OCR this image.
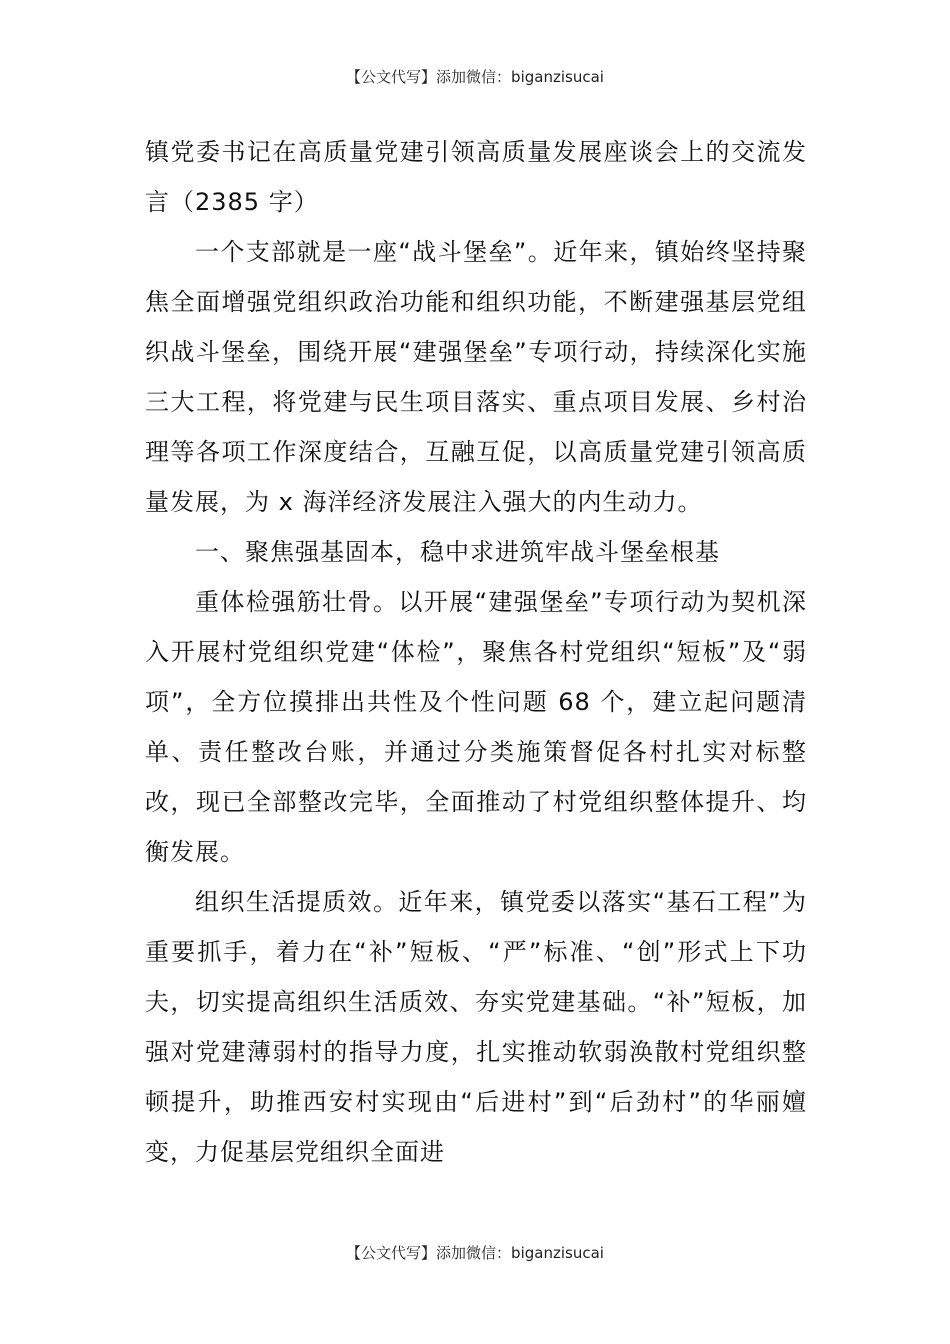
【公文代写】添加微信：biganzisucai

镇党委书记在高质量党建引领高质量发展座谈会上的交流发言（2385 字）

一个支部就是一座“战斗堡垒”。近年来，镇始终坚持聚焦全面增强党组织政治功能和组织功能，不断建强基层党组织战斗堡垒，围绕开展“建强堡垒”专项行动，持续深化实施三大工程，将党建与民生项目落实、重点项目发展、乡村治理等各项工作深度结合，互融互促，以高质量党建引领高质量发展，为 x 海洋经济发展注入强大的内生动力。

一、聚焦强基固本，稳中求进筑牢战斗堡垒根基

重体检强筋壮骨。以开展“建强堡垒”专项行动为契机深入开展村党组织党建“体检”，聚焦各村党组织“短板”及“弱项”，全方位摸排出共性及个性问题 68 个，建立起问题清单、责任整改台账，并通过分类施策督促各村扎实对标整改，现已全部整改完毕，全面推动了村党组织整体提升、均衡发展。

组织生活提质效。近年来，镇党委以落实“基石工程”为重要抓手，着力在“补”短板、“严”标准、“创”形式上下功夫，切实提高组织生活质效、夯实党建基础。“补”短板，加强对党建薄弱村的指导力度，扎实推动软弱涣散村党组织整顿提升，助推西安村实现由“后进村”到“后劲村”的华丽嬗变，力促基层党组织全面进

【公文代写】添加微信：biganzisucai
